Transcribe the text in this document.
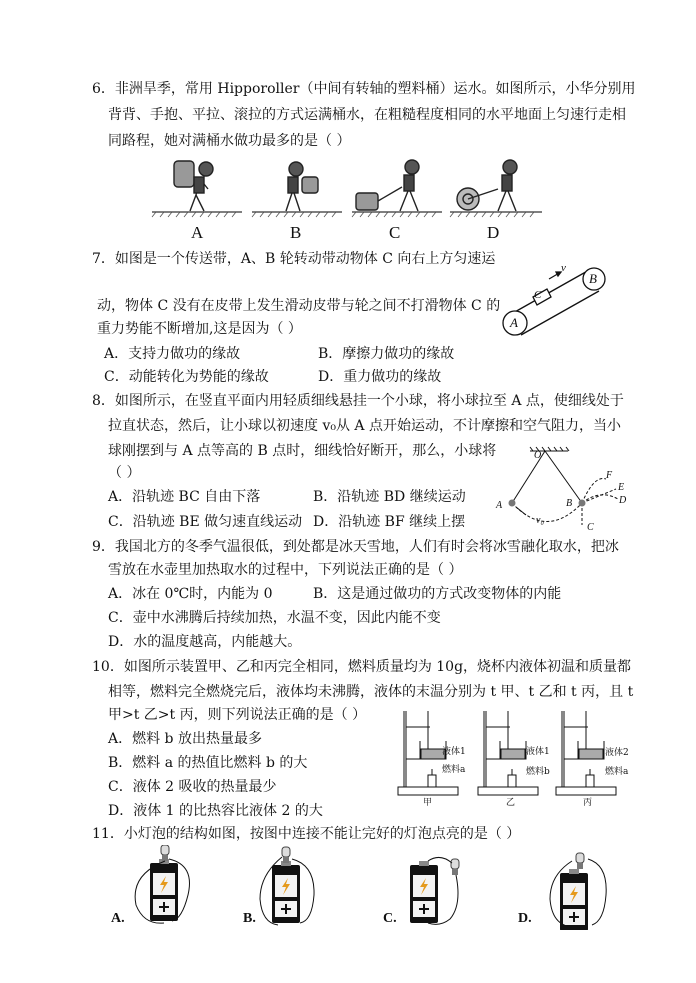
6．非洲旱季，常用 Hipporoller（中间有转轴的塑料桶）运水。如图所示，小华分别用
背背、手抱、平拉、滚拉的方式运满桶水，在粗糙程度相同的水平地面上匀速行走相
同路程，她对满桶水做功最多的是（ ）
A	B	C	D
7．如图是一个传送带，A、B 轮转动带动物体 C 向右上方匀速运
动，物体 C 没有在皮带上发生滑动皮带与轮之间不打滑物体 C 的
重力势能不断增加,这是因为（ ）
A．支持力做功的缘故	B．摩擦力做功的缘故
C．动能转化为势能的缘故	D．重力做功的缘故
v
C
B
A
8．如图所示，在竖直平面内用轻质细线悬挂一个小球，将小球拉至 A 点，使细线处于
拉直状态，然后，让小球以初速度 v₀从 A 点开始运动，不计摩擦和空气阻力，当小
球刚摆到与 A 点等高的 B 点时，细线恰好断开，那么，小球将
（ ）
A．沿轨迹 BC 自由下落	B．沿轨迹 BD 继续运动
C．沿轨迹 BE 做匀速直线运动 D．沿轨迹 BF 继续上摆
O
A	B
C
D
E
F
v₀
9．我国北方的冬季气温很低，到处都是冰天雪地，人们有时会将冰雪融化取水，把冰
雪放在水壶里加热取水的过程中，下列说法正确的是（ ）
A．冰在 0℃时，内能为 0	B．这是通过做功的方式改变物体的内能
C．壶中水沸腾后持续加热，水温不变，因此内能不变
D．水的温度越高，内能越大。
10．如图所示装置甲、乙和丙完全相同，燃料质量均为 10g，烧杯内液体初温和质量都
相等，燃料完全燃烧完后，液体均未沸腾，液体的末温分别为 t 甲、t 乙和 t 丙，且 t
甲>t 乙>t 丙，则下列说法正确的是（ ）
A．燃料 b 放出热量最多
B．燃料 a 的热值比燃料 b 的大
C．液体 2 吸收的热量最少
D．液体 1 的比热容比液体 2 的大
液体1
燃料a
甲
液体1
燃料b
乙
液体2
燃料a
丙
11．小灯泡的结构如图，按图中连接不能让完好的灯泡点亮的是（ ）
A.	B.	C.	D.
